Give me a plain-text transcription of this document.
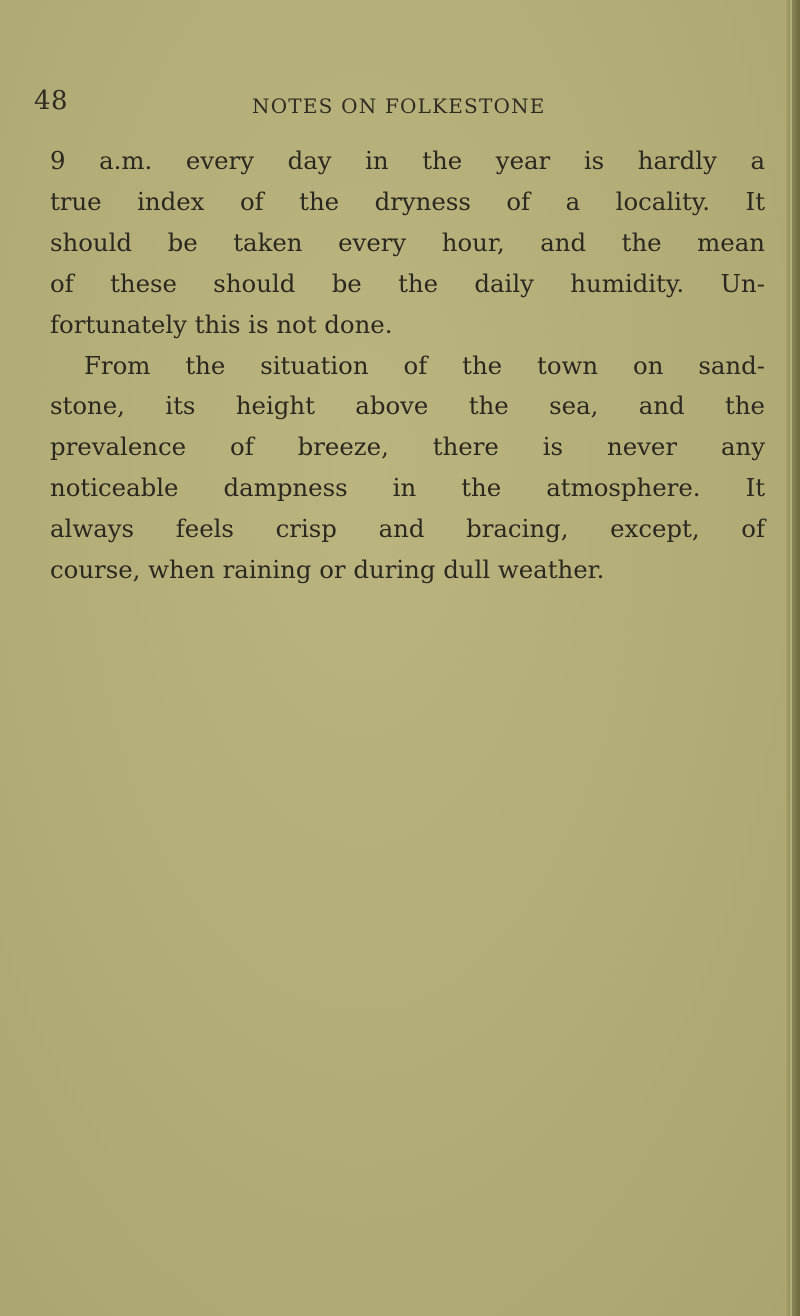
48	NOTES ON FOLKESTONE
9 a.m. every day in the year is hardly a
true index of the dryness of a locality. It
should be taken every hour, and the mean
of these should be the daily humidity. Un-
fortunately this is not done.
From the situation of the town on sand-
stone, its height above the sea, and the
prevalence of breeze, there is never any
noticeable dampness in the atmosphere. It
always feels crisp and bracing, except, of
course, when raining or during dull weather.
